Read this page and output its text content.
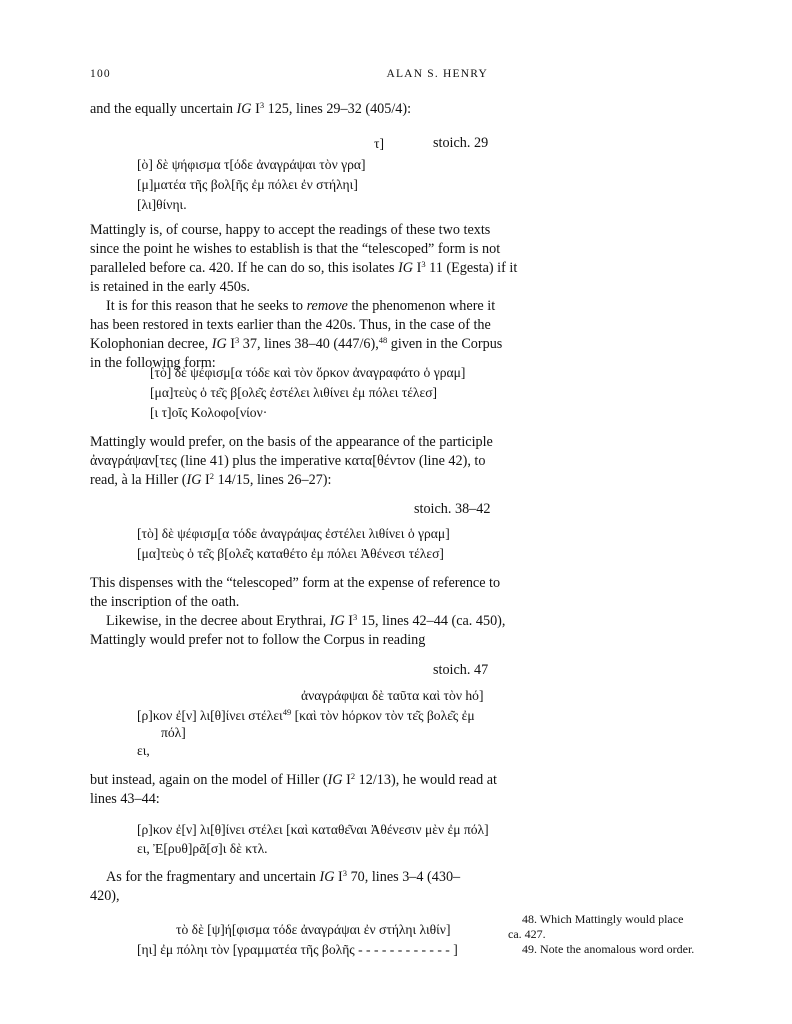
100	ALAN S. HENRY
and the equally uncertain IG $I^3$ 125, lines 29–32 (405/4):
stoich. 29
τ]
[ὸ] δὲ ψήφισμα τ[όδε ἀναγράψαι τὸν γρα]
[μ]ματέα τῆς βολ[ῆς ἐμ πόλει ἐν στήληι]
[λι]θίνηι.
Mattingly is, of course, happy to accept the readings of these two texts
since the point he wishes to establish is that the “telescoped” form is not
paralleled before ca. 420. If he can do so, this isolates IG $I^3$ 11 (Egesta) if it
is retained in the early 450s.
It is for this reason that he seeks to remove the phenomenon where it
has been restored in texts earlier than the 420s. Thus, in the case of the
Kolophonian decree, IG $I^3$ 37, lines 38–40 (447/6),$^{48}$ given in the Corpus
in the following form:
[τὸ] δὲ ψέφισμ[α τόδε καὶ τὸν ὅρκον ἀναγραφάτο ὁ γραμ]
[μα]τεὺς ὁ τε͂ς β[ολε͂ς ἐστέλει λιθίνει ἐμ πόλει τέλεσ]
[ι τ]οῖς Κολοφο[νίον·
Mattingly would prefer, on the basis of the appearance of the participle
ἀναγράψαν[τες (line 41) plus the imperative κατα[θέντον (line 42), to
read, à la Hiller (IG $I^2$ 14/15, lines 26–27):
stoich. 38–42
[τὸ] δὲ ψέφισμ[α τόδε ἀναγράψας ἐστέλει λιθίνει ὁ γραμ]
[μα]τεὺς ὁ τε͂ς β[ολε͂ς καταθέτο ἐμ πόλει Ἀθένεσι τέλεσ]
This dispenses with the “telescoped” form at the expense of reference to
the inscription of the oath.
Likewise, in the decree about Erythrai, IG $I^3$ 15, lines 42–44 (ca. 450),
Mattingly would prefer not to follow the Corpus in reading
stoich. 47
ἀναγράφψαι δὲ ταῦτα καὶ τὸν hό]
[ρ]κον ἐ[ν] λι[θ]ίνει στέλει$^{49}$ [καὶ τὸν hόρκον τὸν τε͂ς βολε͂ς ἐμ
πόλ]
ει,
but instead, again on the model of Hiller (IG $I^2$ 12/13), he would read at
lines 43–44:
[ρ]κον ἐ[ν] λι[θ]ίνει στέλει [καὶ καταθε͂ναι Ἀθένεσιν μὲν ἐμ πόλ]
ει, Ἐ[ρυθ]ρᾶ[σ]ι δὲ κτλ.
As for the fragmentary and uncertain IG $I^3$ 70, lines 3–4 (430–
420),
τὸ δὲ [ψ]ή[φισμα τόδε ἀναγράψαι ἐν στήληι λιθίν]
[ηι] ἐμ πόληι τὸν [γραμματέα τῆς βολῆς - - - - - - - - - - - - ]
48. Which Mattingly would place
ca. 427.
49. Note the anomalous word order.
